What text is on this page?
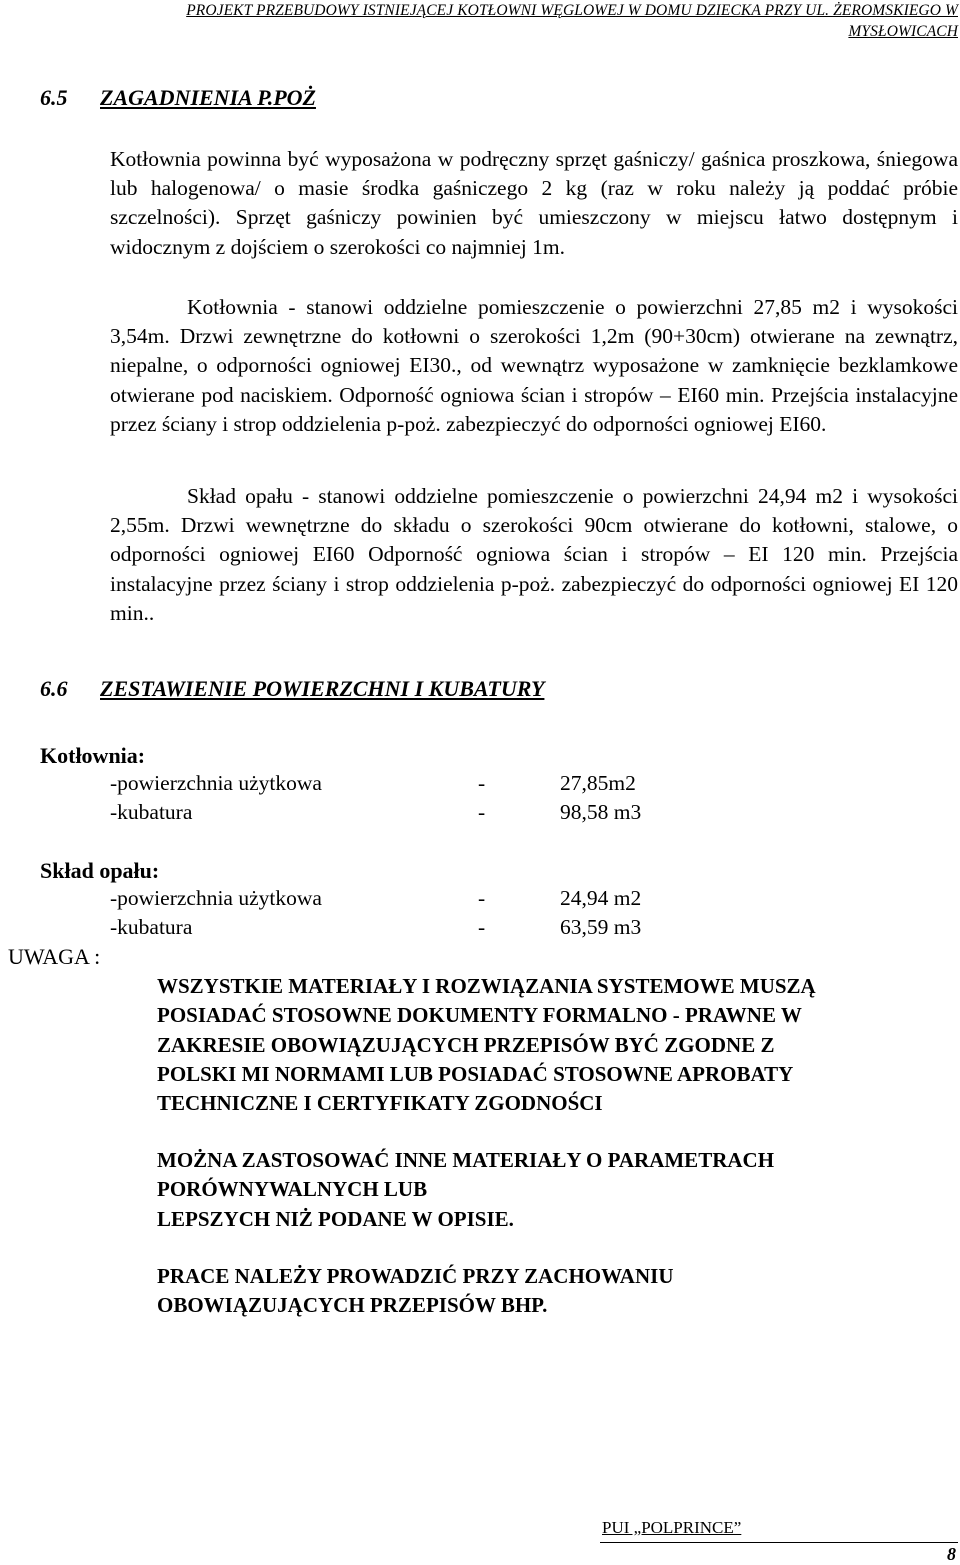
PROJEKT PRZEBUDOWY ISTNIEJĄCEJ KOTŁOWNI WĘGLOWEJ W DOMU DZIECKA PRZY UL. ŻEROMSKIEGO W
MYSŁOWICACH
6.5 ZAGADNIENIA P.POŻ
Kotłownia powinna być wyposażona w podręczny sprzęt gaśniczy/ gaśnica proszkowa, śniegowa lub halogenowa/ o masie środka gaśniczego 2 kg (raz w roku należy ją poddać próbie szczelności). Sprzęt gaśniczy powinien być umieszczony w miejscu łatwo dostępnym i widocznym z dojściem o szerokości co najmniej 1m.
Kotłownia - stanowi oddzielne pomieszczenie o powierzchni 27,85 m2 i wysokości 3,54m. Drzwi zewnętrzne do kotłowni o szerokości 1,2m (90+30cm) otwierane na zewnątrz, niepalne, o odporności ogniowej EI30., od wewnątrz wyposażone w zamknięcie bezklamkowe otwierane pod naciskiem. Odporność ogniowa ścian i stropów – EI60 min. Przejścia instalacyjne przez ściany i strop oddzielenia p-poż. zabezpieczyć do odporności ogniowej EI60.
Skład opału - stanowi oddzielne pomieszczenie o powierzchni 24,94 m2 i wysokości 2,55m. Drzwi wewnętrzne do składu o szerokości 90cm otwierane do kotłowni, stalowe, o odporności ogniowej EI60 Odporność ogniowa ścian i stropów – EI 120 min. Przejścia instalacyjne przez ściany i strop oddzielenia p-poż. zabezpieczyć do odporności ogniowej EI 120 min..
6.6 ZESTAWIENIE POWIERZCHNI I KUBATURY
Kotłownia:
-powierzchnia użytkowa	-	27,85m2
-kubatura	-	98,58 m3
Skład opału:
-powierzchnia użytkowa	-	24,94 m2
-kubatura	-	63,59 m3
UWAGA :
WSZYSTKIE MATERIAŁY I ROZWIĄZANIA SYSTEMOWE MUSZĄ
POSIADAĆ STOSOWNE DOKUMENTY FORMALNO - PRAWNE W
ZAKRESIE OBOWIĄZUJĄCYCH PRZEPISÓW BYĆ ZGODNE Z
POLSKI MI NORMAMI LUB POSIADAĆ STOSOWNE APROBATY
TECHNICZNE I CERTYFIKATY ZGODNOŚCI
MOŻNA ZASTOSOWAĆ INNE MATERIAŁY O PARAMETRACH
PORÓWNYWALNYCH LUB
LEPSZYCH NIŻ PODANE W OPISIE.
PRACE NALEŻY PROWADZIĆ PRZY ZACHOWANIU
OBOWIĄZUJĄCYCH PRZEPISÓW BHP.
PUI „POLPRINCE”
8
